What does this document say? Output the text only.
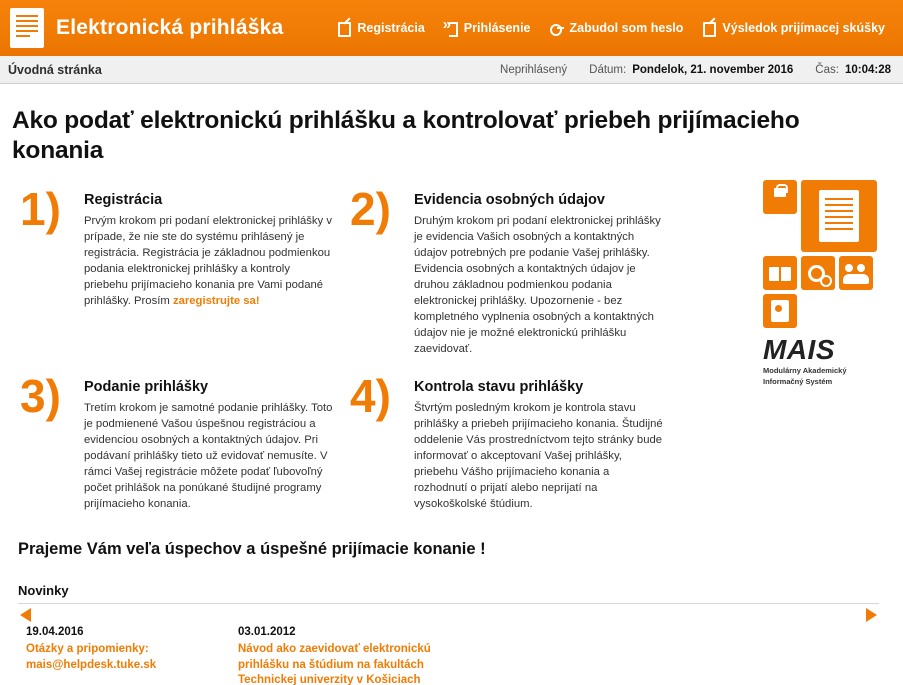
Elektronická prihláška	Registrácia »	Prihlásenie	Zabudol som heslo	Výsledok prijímacej skúšky
Úvodná stránka	Neprihlásený Dátum: Pondelok, 21. november 2016 Čas: 10:04:28
Ako podať elektronickú prihlášku a kontrolovať priebeh prijímacieho konania
MAIS
Modulárny Akademický
Informačný Systém
1)	Registrácia
Prvým krokom pri podaní elektronickej prihlášky v prípade, že nie ste do systému prihlásený je registrácia. Registrácia je základnou podmienkou podania elektronickej prihlášky a kontroly priebehu prijímacieho konania pre Vami podané prihlášky. Prosím zaregistrujte sa!
2)	Evidencia osobných údajov
Druhým krokom pri podaní elektronickej prihlášky je evidencia Vašich osobných a kontaktných údajov potrebných pre podanie Vašej prihlášky. Evidencia osobných a kontaktných údajov je druhou základnou podmienkou podania elektronickej prihlášky. Upozornenie - bez kompletného vyplnenia osobných a kontaktných údajov nie je možné elektronickú prihlášku zaevidovať.
3)	Podanie prihlášky
Tretím krokom je samotné podanie prihlášky. Toto je podmienené Vašou úspešnou registráciou a evidenciou osobných a kontaktných údajov. Pri podávaní prihlášky tieto už evidovať nemusíte. V rámci Vašej registrácie môžete podať ľubovoľný počet prihlášok na ponúkané študijné programy prijímacieho konania.
4)	Kontrola stavu prihlášky
Štvrtým posledným krokom je kontrola stavu prihlášky a priebeh prijímacieho konania. Študijné oddelenie Vás prostredníctvom tejto stránky bude informovať o akceptovaní Vašej prihlášky, priebehu Vášho prijímacieho konania a rozhodnutí o prijatí alebo neprijatí na vysokoškolské štúdium.
Prajeme Vám veľa úspechov a úspešné prijímacie konanie !
Novinky
19.04.2016
Otázky a pripomienky: mais@helpdesk.tuke.sk
03.01.2012
Návod ako zaevidovať elektronickú prihlášku na štúdium na fakultách Technickej univerzity v Košiciach
